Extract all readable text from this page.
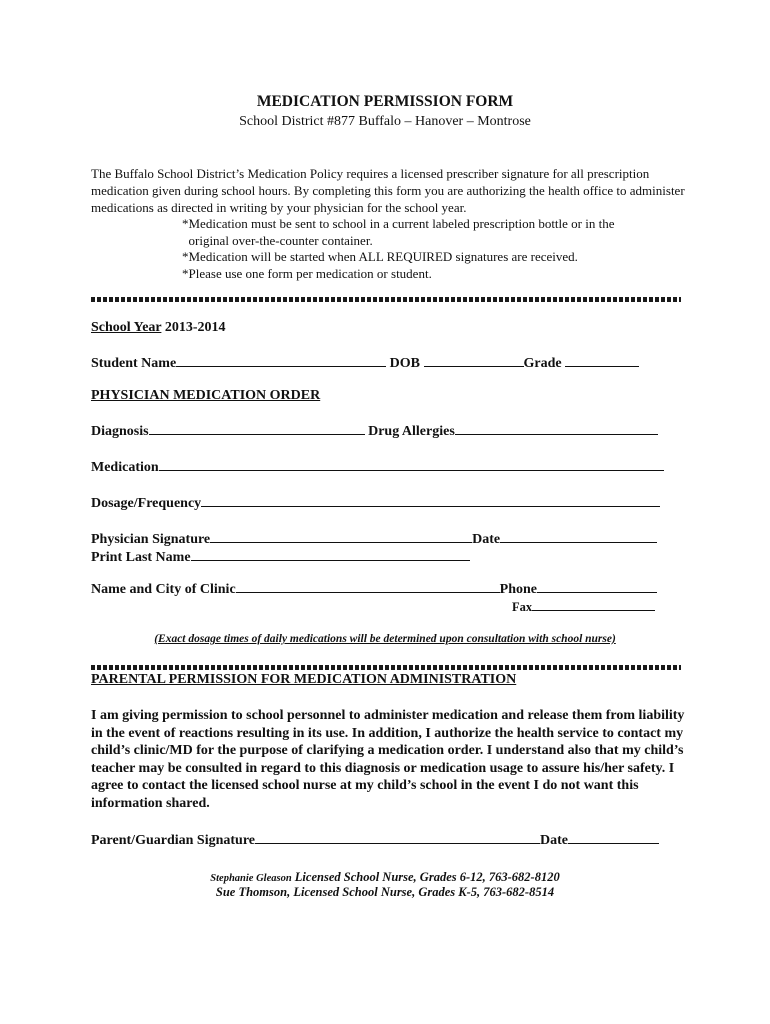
MEDICATION PERMISSION FORM
School District #877 Buffalo – Hanover – Montrose
The Buffalo School District’s Medication Policy requires a licensed prescriber signature for all prescription medication given during school hours. By completing this form you are authorizing the health office to administer medications as directed in writing by your physician for the school year.
*Medication must be sent to school in a current labeled prescription bottle or in the
original over-the-counter container.
*Medication will be started when ALL REQUIRED signatures are received.
*Please use one form per medication or student.
School Year 2013-2014
Student Name	DOB	Grade
PHYSICIAN MEDICATION ORDER
Diagnosis	Drug Allergies
Medication
Dosage/Frequency
Physician Signature	Date
Print Last Name
Name and City of Clinic	Phone
Fax
(Exact dosage times of daily medications will be determined upon consultation with school nurse)
PARENTAL PERMISSION FOR MEDICATION ADMINISTRATION
I am giving permission to school personnel to administer medication and release them from liability in the event of reactions resulting in its use. In addition, I authorize the health service to contact my child’s clinic/MD for the purpose of clarifying a medication order. I understand also that my child’s teacher may be consulted in regard to this diagnosis or medication usage to assure his/her safety. I agree to contact the licensed school nurse at my child’s school in the event I do not want this information shared.
Parent/Guardian Signature	Date
Stephanie Gleason Licensed School Nurse, Grades 6-12, 763-682-8120
Sue Thomson, Licensed School Nurse, Grades K-5, 763-682-8514
